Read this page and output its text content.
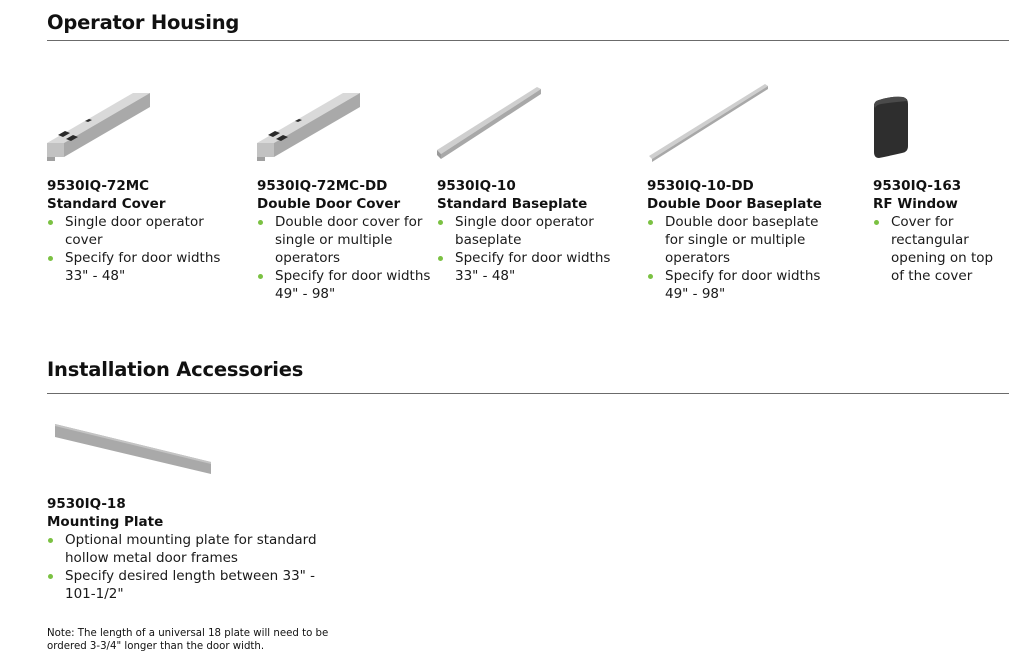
Operator Housing
9530IQ-72MC
Standard Cover
Single door operator cover
Specify for door widths 33" - 48"
9530IQ-72MC-DD
Double Door Cover
Double door cover for single or multiple operators
Specify for door widths 49" - 98"
9530IQ-10
Standard Baseplate
Single door operator baseplate
Specify for door widths 33" - 48"
9530IQ-10-DD
Double Door Baseplate
Double door baseplate for single or multiple operators
Specify for door widths 49" - 98"
9530IQ-163
RF Window
Cover for rectangular opening on top of the cover
Installation Accessories
9530IQ-18
Mounting Plate
Optional mounting plate for standard hollow metal door frames
Specify desired length between 33" - 101-1/2"

Note: The length of a universal 18 plate will need to be ordered 3-3/4" longer than the door width.
